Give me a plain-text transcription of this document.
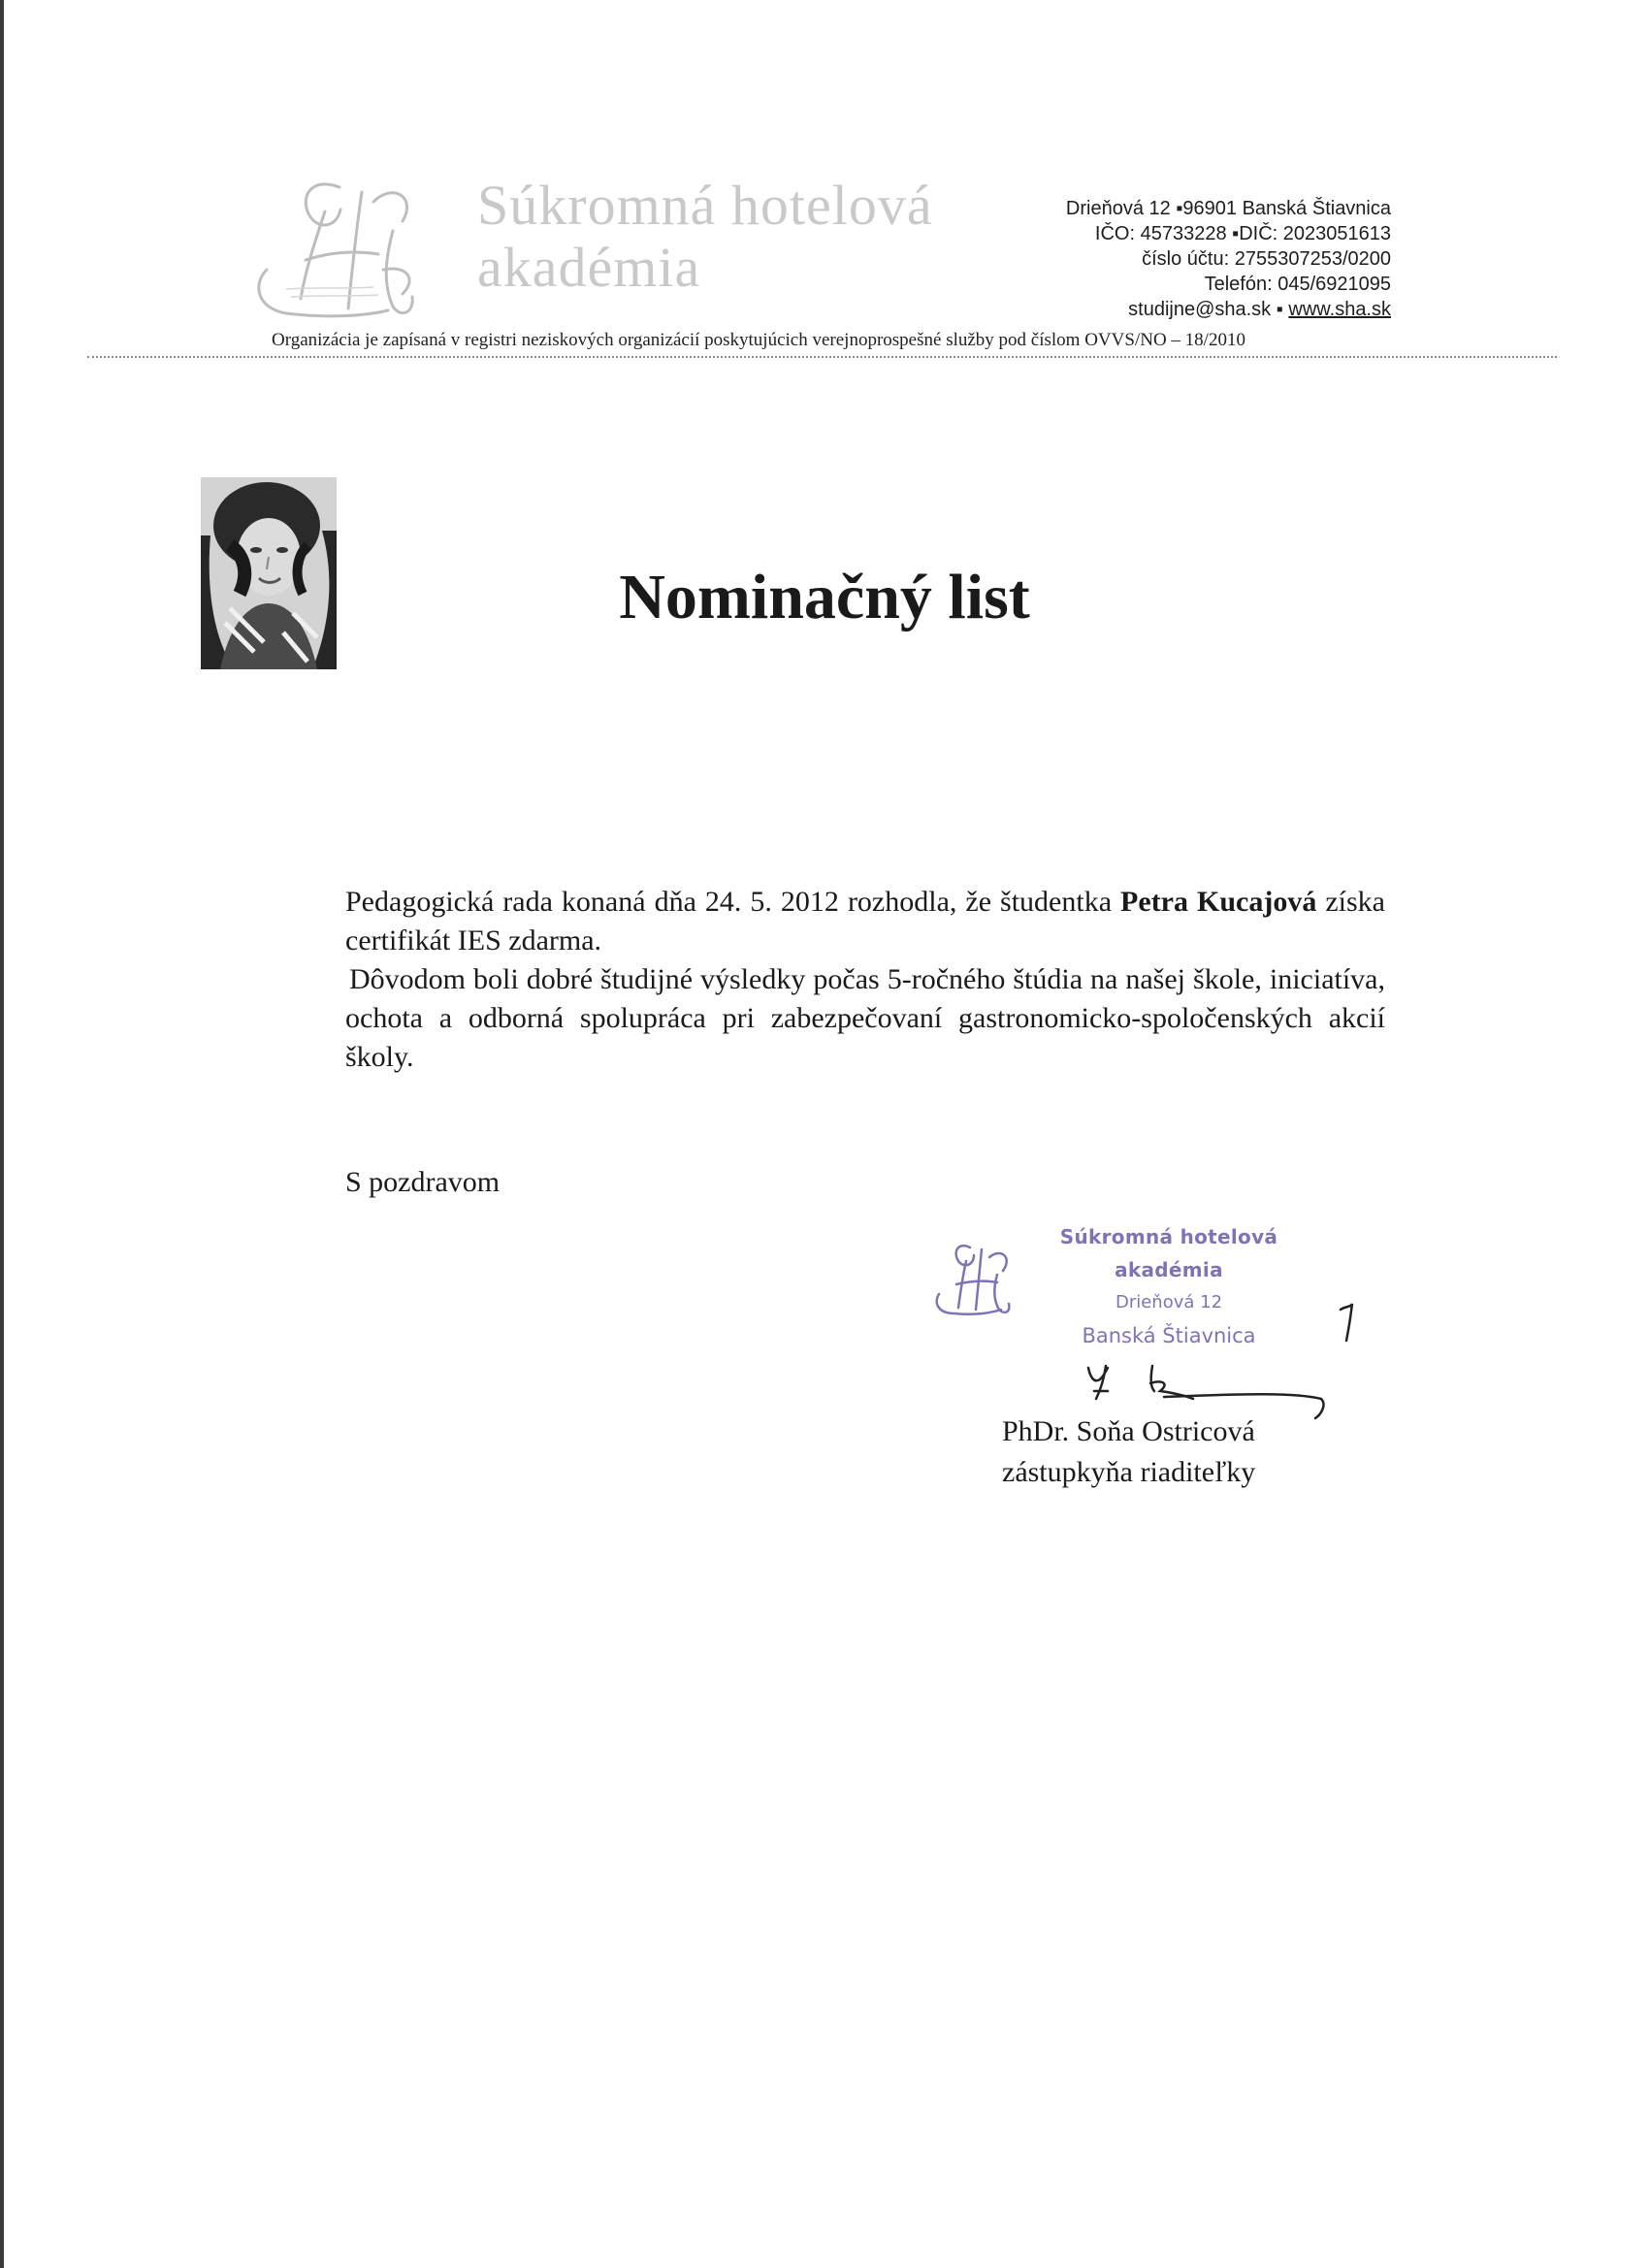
Súkromná hotelová
akadémia
Drieňová 12 ▪96901 Banská Štiavnica
IČO: 45733228 ▪DIČ: 2023051613
číslo účtu: 2755307253/0200
Telefón: 045/6921095
studijne@sha.sk ▪ www.sha.sk
Organizácia je zapísaná v registri neziskových organizácií poskytujúcich verejnoprospešné služby pod číslom OVVS/NO – 18/2010
Nominačný list

Pedagogická rada konaná dňa 24. 5. 2012 rozhodla, že študentka Petra Kucajová získa certifikát IES zdarma.

Dôvodom boli dobré študijné výsledky počas 5-ročného štúdia na našej škole, iniciatíva, ochota a odborná spolupráca pri zabezpečovaní gastronomicko-spoločenských akcií školy.

S pozdravom
Súkromná hotelová akadémia
Drieňová 12
Banská Štiavnica
PhDr. Soňa Ostricová
zástupkyňa riaditeľky
